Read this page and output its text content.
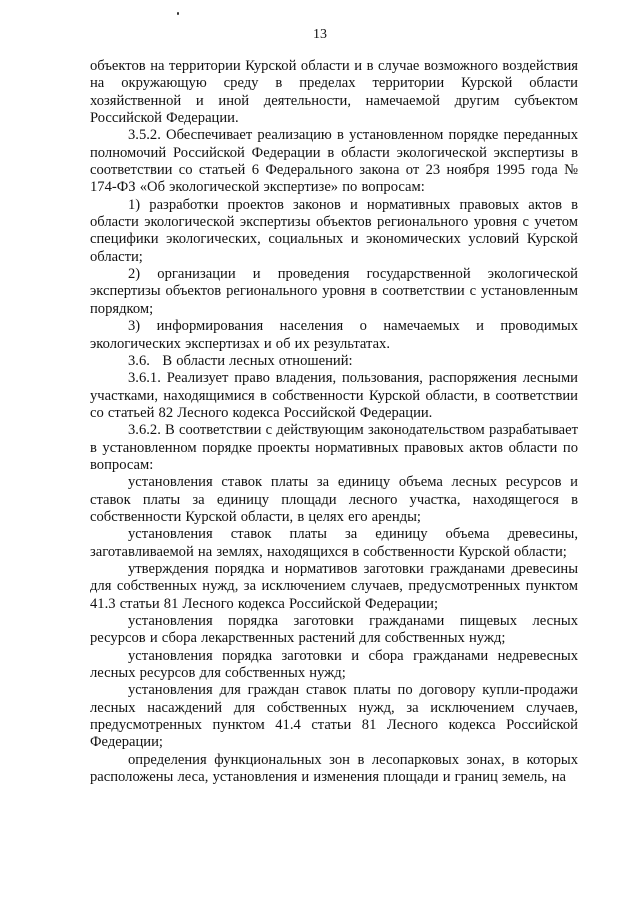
13

объектов на территории Курской области и в случае возможного воздействия на окружающую среду в пределах территории Курской области хозяйственной и иной деятельности, намечаемой другим субъектом Российской Федерации.

3.5.2. Обеспечивает реализацию в установленном порядке переданных полномочий Российской Федерации в области экологической экспертизы в соответствии со статьей 6 Федерального закона от 23 ноября 1995 года № 174-ФЗ «Об экологической экспертизе» по вопросам:

1) разработки проектов законов и нормативных правовых актов в области экологической экспертизы объектов регионального уровня с учетом специфики экологических, социальных и экономических условий Курской области;

2) организации и проведения государственной экологической экспертизы объектов регионального уровня в соответствии с установленным порядком;

3) информирования населения о намечаемых и проводимых экологических экспертизах и об их результатах.

3.6.   В области лесных отношений:

3.6.1. Реализует право владения, пользования, распоряжения лесными участками, находящимися в собственности Курской области, в соответствии со статьей 82 Лесного кодекса Российской Федерации.

3.6.2. В соответствии с действующим законодательством разрабатывает в установленном порядке проекты нормативных правовых актов области по вопросам:

установления ставок платы за единицу объема лесных ресурсов и ставок платы за единицу площади лесного участка, находящегося в собственности Курской области, в целях его аренды;

установления ставок платы за единицу объема древесины, заготавливаемой на землях, находящихся в собственности Курской области;

утверждения порядка и нормативов заготовки гражданами древесины для собственных нужд, за исключением случаев, предусмотренных пунктом 41.3 статьи 81 Лесного кодекса Российской Федерации;

установления порядка заготовки гражданами пищевых лесных ресурсов и сбора лекарственных растений для собственных нужд;

установления порядка заготовки и сбора гражданами недревесных лесных ресурсов для собственных нужд;

установления для граждан ставок платы по договору купли-продажи лесных насаждений для собственных нужд, за исключением случаев, предусмотренных пунктом 41.4 статьи 81 Лесного кодекса Российской Федерации;

определения функциональных зон в лесопарковых зонах, в которых расположены леса, установления и изменения площади и границ земель, на
